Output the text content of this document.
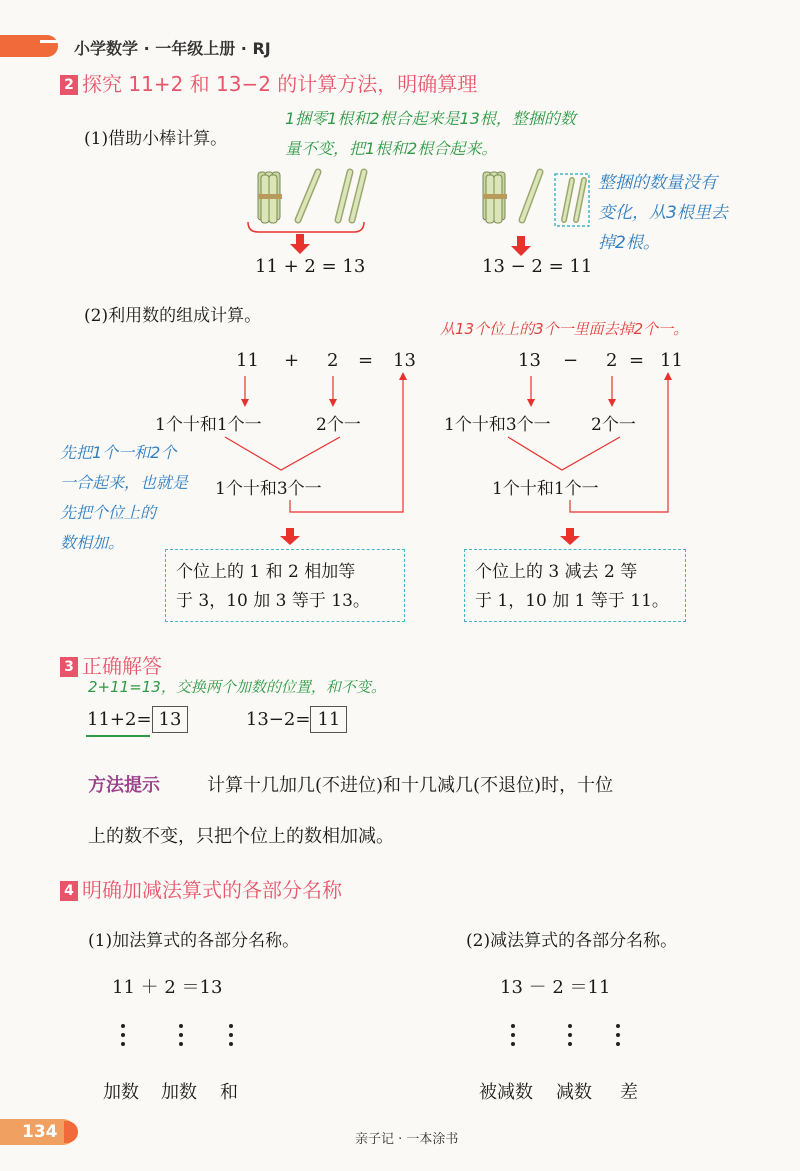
小学数学 · 一年级上册 · RJ
2 探究 11+2 和 13−2 的计算方法，明确算理
(1)借助小棒计算。
1捆零1根和2根合起来是13根，整捆的数
量不变，把1根和2根合起来。
11 + 2 = 13	13 − 2 = 11
整捆的数量没有
变化，从3根里去
掉2根。
(2)利用数的组成计算。
从13个位上的3个一里面去掉2个一。
11 + 2 = 13
1个十和1个一	2个一
1个十和3个一
13 − 2 = 11
1个十和3个一 2个一
1个十和1个一
先把1个一和2个
一合起来，也就是
先把个位上的
数相加。
个位上的 1 和 2 相加等
于 3，10 加 3 等于 13。
个位上的 3 减去 2 等
于 1，10 加 1 等于 11。
3 正确解答
2+11=13，交换两个加数的位置，和不变。
11+2= 13	13−2= 11
方法提示	计算十几加几(不进位)和十几减几(不退位)时，十位
上的数不变，只把个位上的数相加减。
4 明确加减法算式的各部分名称
(1)加法算式的各部分名称。	(2)减法算式的各部分名称。
11 ＋ 2 ＝13	13 － 2 ＝11
加数 加数 和	被减数 减数 差
134	亲子记 · 一本涂书
